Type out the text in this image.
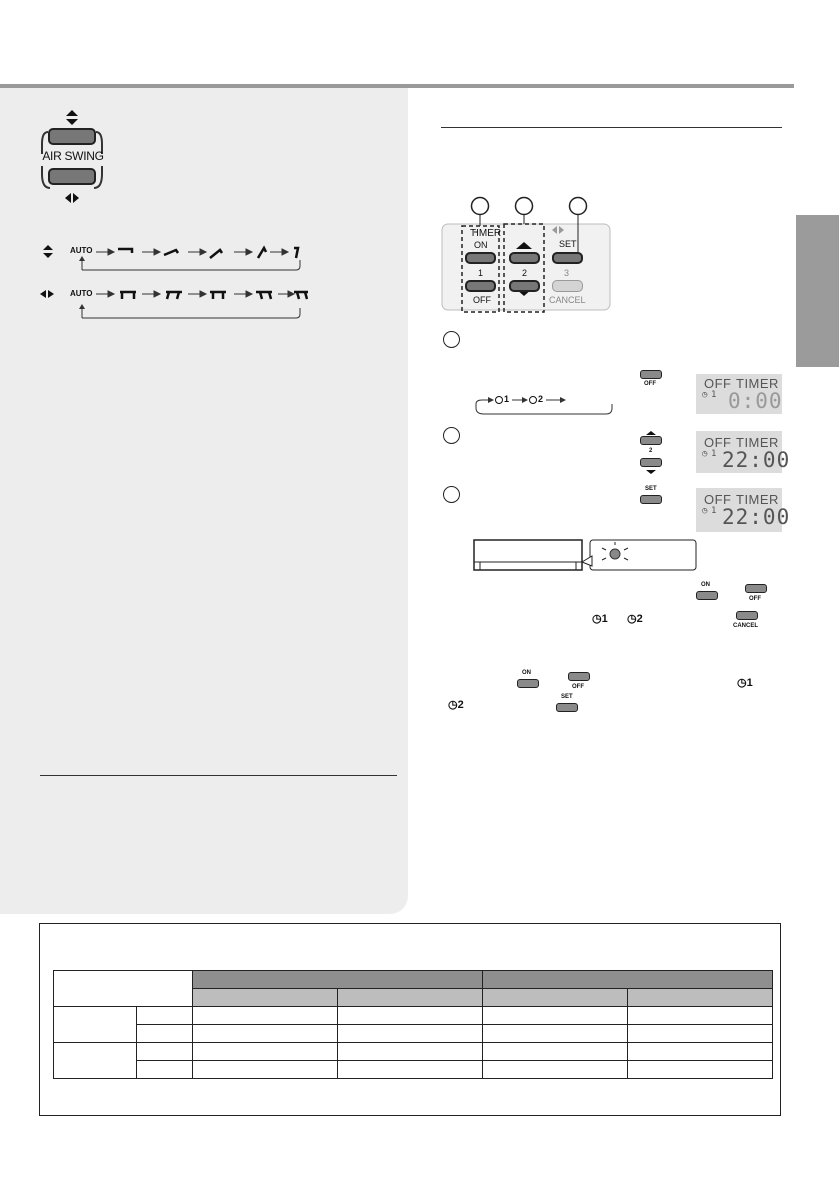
AIR SWING
AUTO
AUTO
TIMER
ON
1
OFF
2
SET
3
CANCEL
1	2
OFF
2
SET
OFF TIMER
◷ 1 0:00
OFF TIMER
◷ 1 22:00
OFF TIMER
◷ 1 22:00
ON
OFF
◷1 ◷2
CANCEL
ON
OFF	◷1
◷2
SET
